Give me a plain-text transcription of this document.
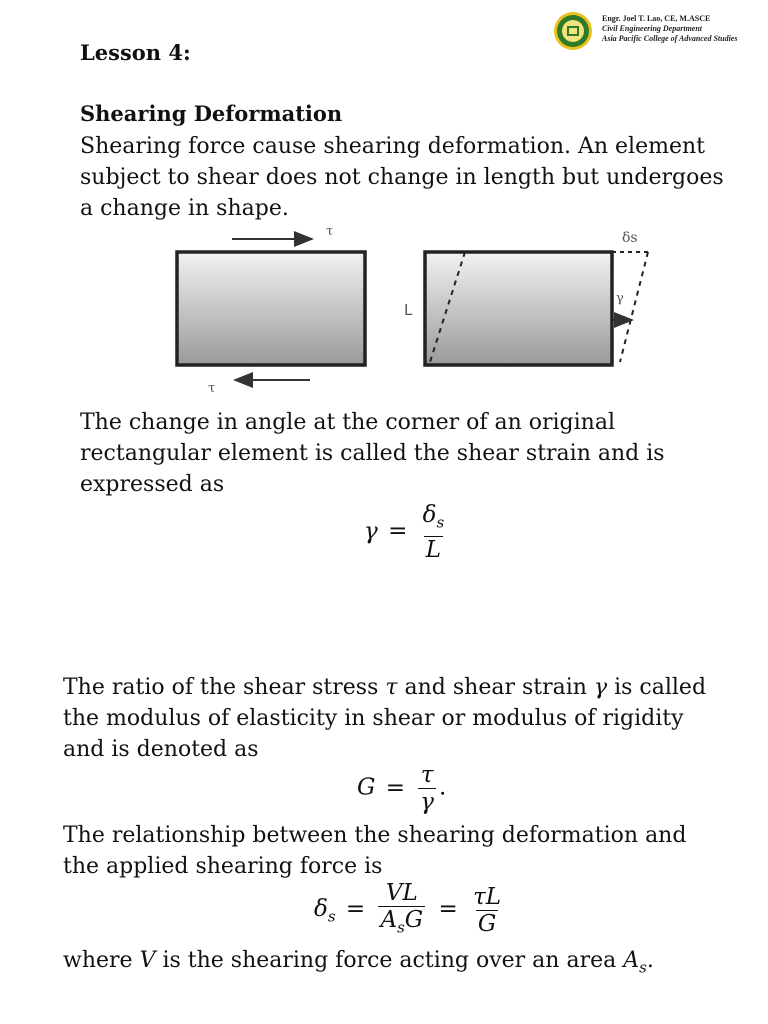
Engr. Joel T. Lao, CE, M.ASCE
Civil Engineering Department
Asia Pacific College of Advanced Studies
Lesson 4:
Shearing Deformation
Shearing force cause shearing deformation. An element
subject to shear does not change in length but undergoes
a change in shape.
τ
τ
L
δs
γ
The change in angle at the corner of an original
rectangular element is called the shear strain and is
expressed as
$\gamma = \frac{\delta_s}{L}$
The ratio of the shear stress τ and shear strain γ is called
the modulus of elasticity in shear or modulus of rigidity
and is denoted as
$G = \frac{\tau}{\gamma}$ .
The relationship between the shearing deformation and
the applied shearing force is
$\delta_s = \frac{VL}{A_sG} = \frac{\tau L}{G}$
where V is the shearing force acting over an area $A_s$.
